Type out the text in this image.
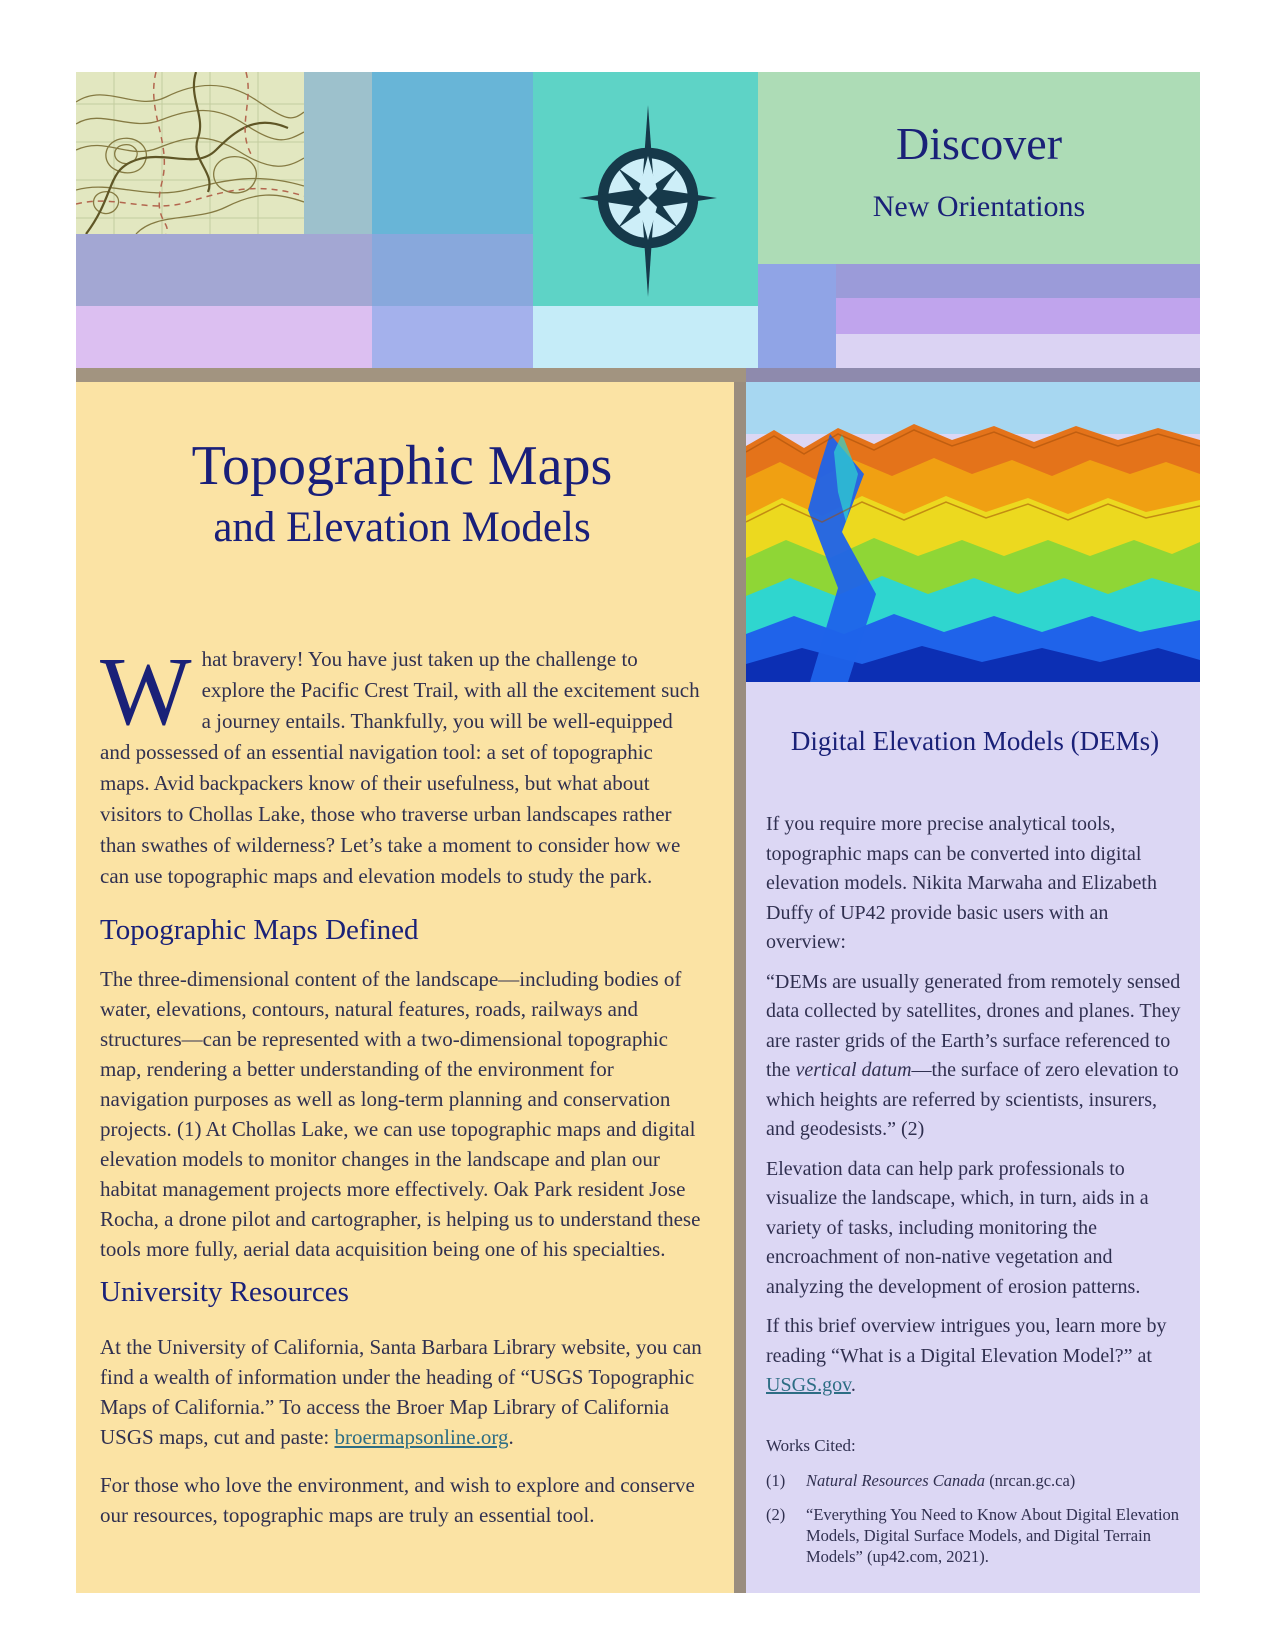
Discover
New Orientations
Topographic Maps
and Elevation Models

What bravery! You have just taken up the challenge to explore the Pacific Crest Trail, with all the excitement such a journey entails. Thankfully, you will be well-equipped and possessed of an essential navigation tool: a set of topographic maps. Avid backpackers know of their usefulness, but what about visitors to Chollas Lake, those who traverse urban landscapes rather than swathes of wilderness? Let’s take a moment to consider how we can use topographic maps and elevation models to study the park.

Topographic Maps Defined

The three-dimensional content of the landscape—including bodies of water, elevations, contours, natural features, roads, railways and structures—can be represented with a two-dimensional topographic map, rendering a better understanding of the environment for navigation purposes as well as long-term planning and conservation projects. (1) At Chollas Lake, we can use topographic maps and digital elevation models to monitor changes in the landscape and plan our habitat management projects more effectively. Oak Park resident Jose Rocha, a drone pilot and cartographer, is helping us to understand these tools more fully, aerial data acquisition being one of his specialties.

University Resources

At the University of California, Santa Barbara Library website, you can find a wealth of information under the heading of “USGS Topographic Maps of California.” To access the Broer Map Library of California USGS maps, cut and paste: broermapsonline.org.

For those who love the environment, and wish to explore and conserve our resources, topographic maps are truly an essential tool.

Digital Elevation Models (DEMs)

If you require more precise analytical tools, topographic maps can be converted into digital elevation models. Nikita Marwaha and Elizabeth Duffy of UP42 provide basic users with an overview:

“DEMs are usually generated from remotely sensed data collected by satellites, drones and planes. They are raster grids of the Earth’s surface referenced to the vertical datum—the surface of zero elevation to which heights are referred by scientists, insurers, and geodesists.” (2)

Elevation data can help park professionals to visualize the landscape, which, in turn, aids in a variety of tasks, including monitoring the encroachment of non-native vegetation and analyzing the development of erosion patterns.

If this brief overview intrigues you, learn more by reading “What is a Digital Elevation Model?” at USGS.gov.

Works Cited:

(1)	Natural Resources Canada (nrcan.gc.ca)
(2)	“Everything You Need to Know About Digital Elevation Models, Digital Surface Models, and Digital Terrain Models” (up42.com, 2021).
